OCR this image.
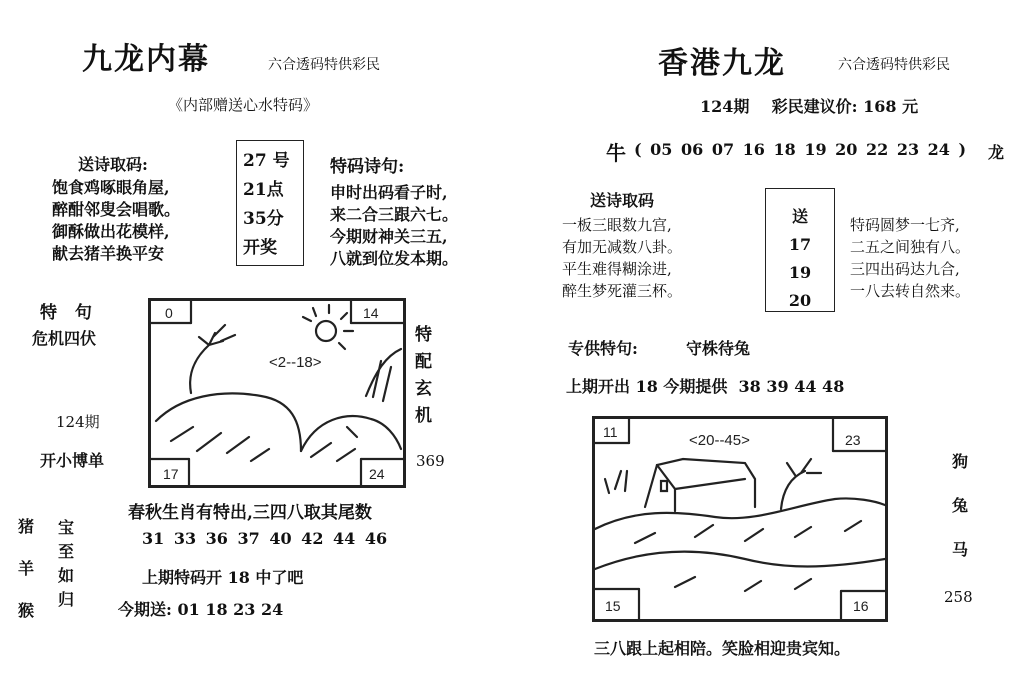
九龙内幕	六合透码特供彩民
《内部赠送心水特码》
送诗取码:
饱食鸡啄眼角屋,
醉酣邻叟会唱歌。
御酥做出花模样,
献去猪羊换平安
27 号
21点
35分
开奖
特码诗句:
申时出码看子时,
来二合三跟六七。
今期财神关三五,
八就到位发本期。
特 句
危机四伏
124期
开小博单
0	14
17	24
<2--18>
特
配
玄
机
369
猪
羊
猴
宝
至
如
归
春秋生肖有特出,三四八取其尾数
31 33 36 37 40 42 44 46
上期特码开 18 中了吧
今期送: 01 18 23 24
香港九龙	六合透码特供彩民
124期    彩民建议价: 168 元
牛 ( 05 06 07 16 18 19 20 22 23 24 ) 龙
送诗取码
一板三眼数九宫,
有加无减数八卦。
平生难得糊涂进,
醉生梦死灌三杯。
送
17
19
20
特码圆梦一七齐,
二五之间独有八。
三四出码达九合,
一八去转自然来。
专供特句:	守株待兔
上期开出 18 今期提供  38 39 44 48
11	23
15	16
<20--45>
狗
兔
马
258
三八跟上起相陪。笑脸相迎贵宾知。
